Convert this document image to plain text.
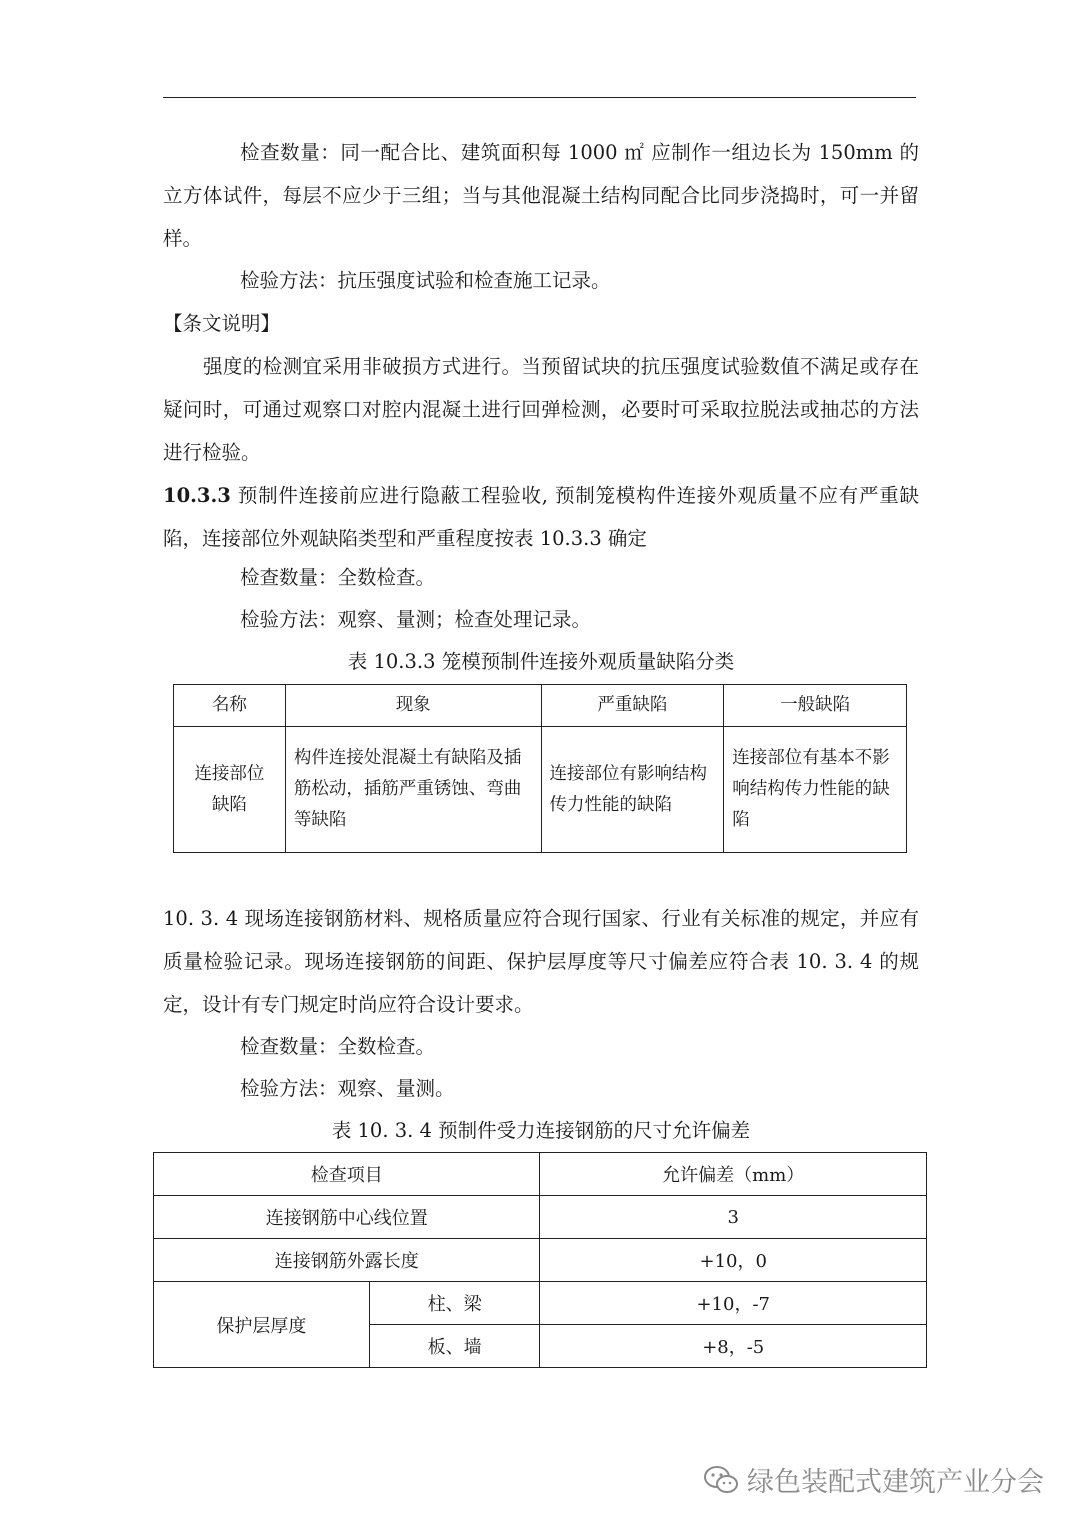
检查数量：同一配合比、建筑面积每 1000 ㎡ 应制作一组边长为 150mm 的立方体试件，每层不应少于三组；当与其他混凝土结构同配合比同步浇捣时，可一并留样。

检验方法：抗压强度试验和检查施工记录。

【条文说明】

强度的检测宜采用非破损方式进行。当预留试块的抗压强度试验数值不满足或存在疑问时，可通过观察口对腔内混凝土进行回弹检测，必要时可采取拉脱法或抽芯的方法进行检验。

10.3.3 预制件连接前应进行隐蔽工程验收, 预制笼模构件连接外观质量不应有严重缺陷，连接部位外观缺陷类型和严重程度按表 10.3.3 确定

检查数量：全数检查。

检验方法：观察、量测；检查处理记录。

表 10.3.3 笼模预制件连接外观质量缺陷分类

名称	现象	严重缺陷	一般缺陷
连接部位缺陷	构件连接处混凝土有缺陷及插筋松动，插筋严重锈蚀、弯曲等缺陷	连接部位有影响结构传力性能的缺陷	连接部位有基本不影响结构传力性能的缺陷

10. 3. 4 现场连接钢筋材料、规格质量应符合现行国家、行业有关标准的规定，并应有质量检验记录。现场连接钢筋的间距、保护层厚度等尺寸偏差应符合表 10. 3. 4 的规定，设计有专门规定时尚应符合设计要求。

检查数量：全数检查。

检验方法：观察、量测。

表 10. 3. 4 预制件受力连接钢筋的尺寸允许偏差

检查项目		允许偏差（mm）
连接钢筋中心线位置		3
连接钢筋外露长度		+10，0
保护层厚度	柱、梁	+10，-7
	板、墙	+8，-5
绿色装配式建筑产业分会
